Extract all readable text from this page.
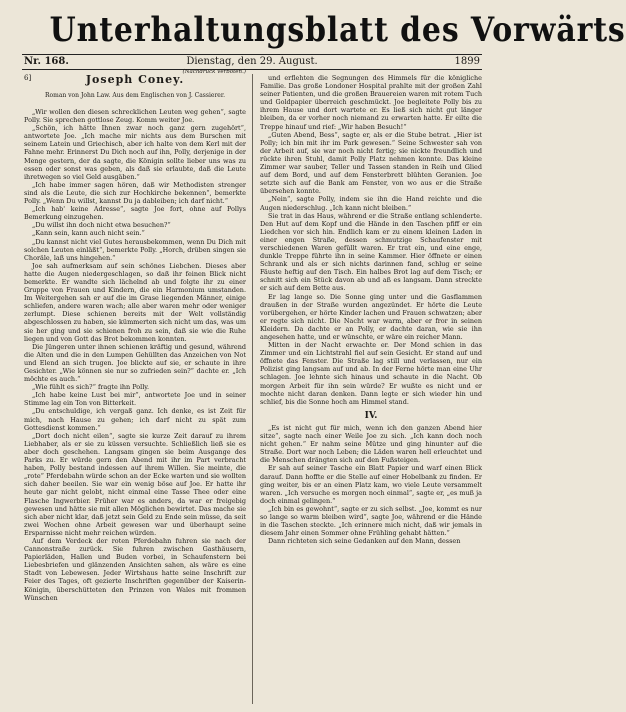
Unterhaltungsblatt des Vorwärts
Nr. 168.	Dienstag, den 29. August.	1899
6]
(Nachdruck verboten.)
Joseph Coney.
Roman von John Law. Aus dem Englischen von J. Cassierer.

„Wir wollen den diesen schrecklichen Leuten weg gehen“, sagte Polly. Sie sprechen gottlose Zeug. Komm weiter Joe.

„Schön, ich hätte Ihnen zwar noch ganz gern zugehört“, antwortete Joe. „Ich mache mir nichts aus dem Burschen mit seinem Latein und Griechisch, aber ich halte von dem Kerl mit der Fahne mehr. Erinnerst Du Dich noch auf ihn, Polly, derjenige in der Menge gestern, der da sagte, die Königin sollte lieber uns was zu essen oder sonst was geben, als daß sie erlaubte, daß die Leute ihretwegen so viel Geld ausgäben.“

„Ich habe immer sagen hören, daß wir Methodisten strenger sind als die Leute, die sich zur Hochkirche bekennen“, bemerkte Polly. „Wenn Du willst, kannst Du ja dableiben; ich darf nicht.“

„Ich hab' keine Adresse“, sagte Joe fort, ohne auf Pollys Bemerkung einzugehen.

„Du willst ihn doch nicht etwa besuchen?“

„Kann sein, kann auch nicht sein.“

„Du kannst nicht viel Gutes herausbekommen, wenn Du Dich mit solchen Leuten einläßt“, bemerkte Polly. „Horch, drüben singen sie Choräle, laß uns hingehen.“

Joe sah aufmerksam auf sein schönes Liebchen. Dieses aber hatte die Augen niedergeschlagen, so daß ihr feinen Blick nicht bemerkte. Er wandte sich lächelnd ab und folgte ihr zu einer Gruppe von Frauen und Kindern, die ein Harmonium umstanden. Im Weitergehen sah er auf die im Grase liegenden Männer, einige schliefen, andere waren wach; alle aber waren mehr oder weniger zerlumpt. Diese schienen bereits mit der Welt vollständig abgeschlossen zu haben, sie kümmerten sich nicht um das, was um sie her ging und sie schienen froh zu sein, daß sie wie die Ruhe liegen und von Gott das Brot bekommen konnten.

Die Jüngeren unter ihnen schienen kräftig und gesund, während die Alten und die in den Lumpen Gehüllten das Anzeichen von Not und Elend an sich trugen. Joe blickte auf sie, er schaute in ihre Gesichter. „Wie können sie nur so zufrieden sein?“ dachte er. „Ich möchte es auch.“

„Wie fühlt es sich?“ fragte ihn Polly.

„Ich habe keine Lust bei mir“, antwortete Joe und in seiner Stimme lag ein Ton von Bitterkeit.

„Du entschuldige, ich vergaß ganz. Ich denke, es ist Zeit für mich, nach Hause zu gehen; ich darf nicht zu spät zum Gottesdienst kommen.“

„Dort doch nicht eilen“, sagte sie kurze Zeit darauf zu ihrem Liebhaber, als er sie zu küssen versuchte. Schließlich ließ sie es aber doch geschehen. Langsam gingen sie beim Ausgange des Parks zu. Er würde gern den Abend mit ihr im Part verbracht haben, Polly bestand indessen auf ihrem Willen. Sie meinte, die „rote“ Pferdebahn würde schon an der Ecke warten und sie wollten sich daher beeilen. Sie war ein wenig böse auf Joe. Er hatte ihr heute gar nicht gelobt, nicht einmal eine Tasse Thee oder eine Flasche Ingwerbier. Früher war es anders, da war er freigebig gewesen und hätte sie mit allen Möglichen bewirtet. Das mache sie sich aber nicht klar, daß jetzt sein Geld zu Ende sein müsse, da seit zwei Wochen ohne Arbeit gewesen war und überhaupt seine Ersparnisse nicht mehr reichen würden.

Auf dem Verdeck der roten Pferdebahn fuhren sie nach der Cannonstraße zurück. Sie fuhren zwischen Gasthäusern, Papierläden, Hallen und Buden vorbei, in Schaufenstern bei Liebesbriefen und glänzenden Ansichten sahen, als wäre es eine Stadt von Lebewesen. Jeder Wirtshaus hatte seine Inschrift zur Feier des Tages, oft gezierte Inschriften gegenüber der Kaiserin-Königin, überschütteten den Prinzen von Wales mit frommen Wünschen

und erflehten die Segnungen des Himmels für die königliche Familie. Das große Londoner Hospital prahlte mit der großen Zahl seiner Patienten, und die großen Brauereien waren mit rotem Tuch und Goldpapier überreich geschmückt. Joe begleitete Polly bis zu ihrem Hause und dort wartete er. Es ließ sich nicht gut länger bleiben, da er vorher noch niemand zu erwarten hatte. Er eilte die Treppe hinauf und rief: „Wir haben Besuch!“

„Guten Abend, Bess“, sagte er, als er die Stube betrat. „Hier ist Polly; ich bin mit ihr im Park gewesen.“ Seine Schwester sah von der Arbeit auf, sie war noch nicht fertig; sie nickte freundlich und rückte ihren Stuhl, damit Polly Platz nehmen konnte. Das kleine Zimmer war sauber, Teller und Tassen standen in Reih und Glied auf dem Bord, und auf dem Fensterbrett blühten Geranien. Joe setzte sich auf die Bank am Fenster, von wo aus er die Straße übersehen konnte.

„Nein“, sagte Polly, indem sie ihn die Hand reichte und die Augen niederschlug. „Ich kann nicht bleiben.“

Sie trat in das Haus, während er die Straße entlang schlenderte. Den Hut auf dem Kopf und die Hände in den Taschen pfiff er ein Liedchen vor sich hin. Endlich kam er zu einem kleinen Laden in einer engen Straße, dessen schmutzige Schaufenster mit verschiedenen Waren gefüllt waren. Er trat ein, und eine enge, dunkle Treppe führte ihn in seine Kammer. Hier öffnete er einen Schrank und als er sich nichts darinnen fand, schlug er seine Fäuste heftig auf den Tisch. Ein halbes Brot lag auf dem Tisch; er schnitt sich ein Stück davon ab und aß es langsam. Dann streckte er sich auf dem Bette aus.

Er lag lange so. Die Sonne ging unter und die Gasflammen draußen in der Straße wurden angezündet. Er hörte die Leute vorübergehen, er hörte Kinder lachen und Frauen schwatzen; aber er regte sich nicht. Die Nacht war warm, aber er fror in seinen Kleidern. Da dachte er an Polly, er dachte daran, wie sie ihn angesehen hatte, und er wünschte, er wäre ein reicher Mann.

Mitten in der Nacht erwachte er. Der Mond schien in das Zimmer und ein Lichtstrahl fiel auf sein Gesicht. Er stand auf und öffnete das Fenster. Die Straße lag still und verlassen, nur ein Polizist ging langsam auf und ab. In der Ferne hörte man eine Uhr schlagen. Joe lehnte sich hinaus und schaute in die Nacht. Ob morgen Arbeit für ihn sein würde? Er wußte es nicht und er mochte nicht daran denken. Dann legte er sich wieder hin und schlief, bis die Sonne hoch am Himmel stand.

IV.

„Es ist nicht gut für mich, wenn ich den ganzen Abend hier sitze“, sagte nach einer Weile Joe zu sich. „Ich kann doch noch nicht gehen.“ Er nahm seine Mütze und ging hinunter auf die Straße. Dort war noch Leben; die Läden waren hell erleuchtet und die Menschen drängten sich auf den Fußsteigen.

Er sah auf seiner Tasche ein Blatt Papier und warf einen Blick darauf. Dann hoffte er die Stelle auf einer Hobelbank zu finden. Er ging weiter, bis er an einen Platz kam, wo viele Leute versammelt waren. „Ich versuche es morgen noch einmal“, sagte er, „es muß ja doch einmal gelingen.“

„Ich bin es gewohnt“, sagte er zu sich selbst. „Joe, kommt es nur so lange so warm bleiben wird“, sagte Joe, während er die Hände in die Taschen steckte. „Ich erinnere mich nicht, daß wir jemals in diesem Jahr einen Sommer ohne Frühling gehabt hätten.“

Dann richteten sich seine Gedanken auf den Mann, dessen
